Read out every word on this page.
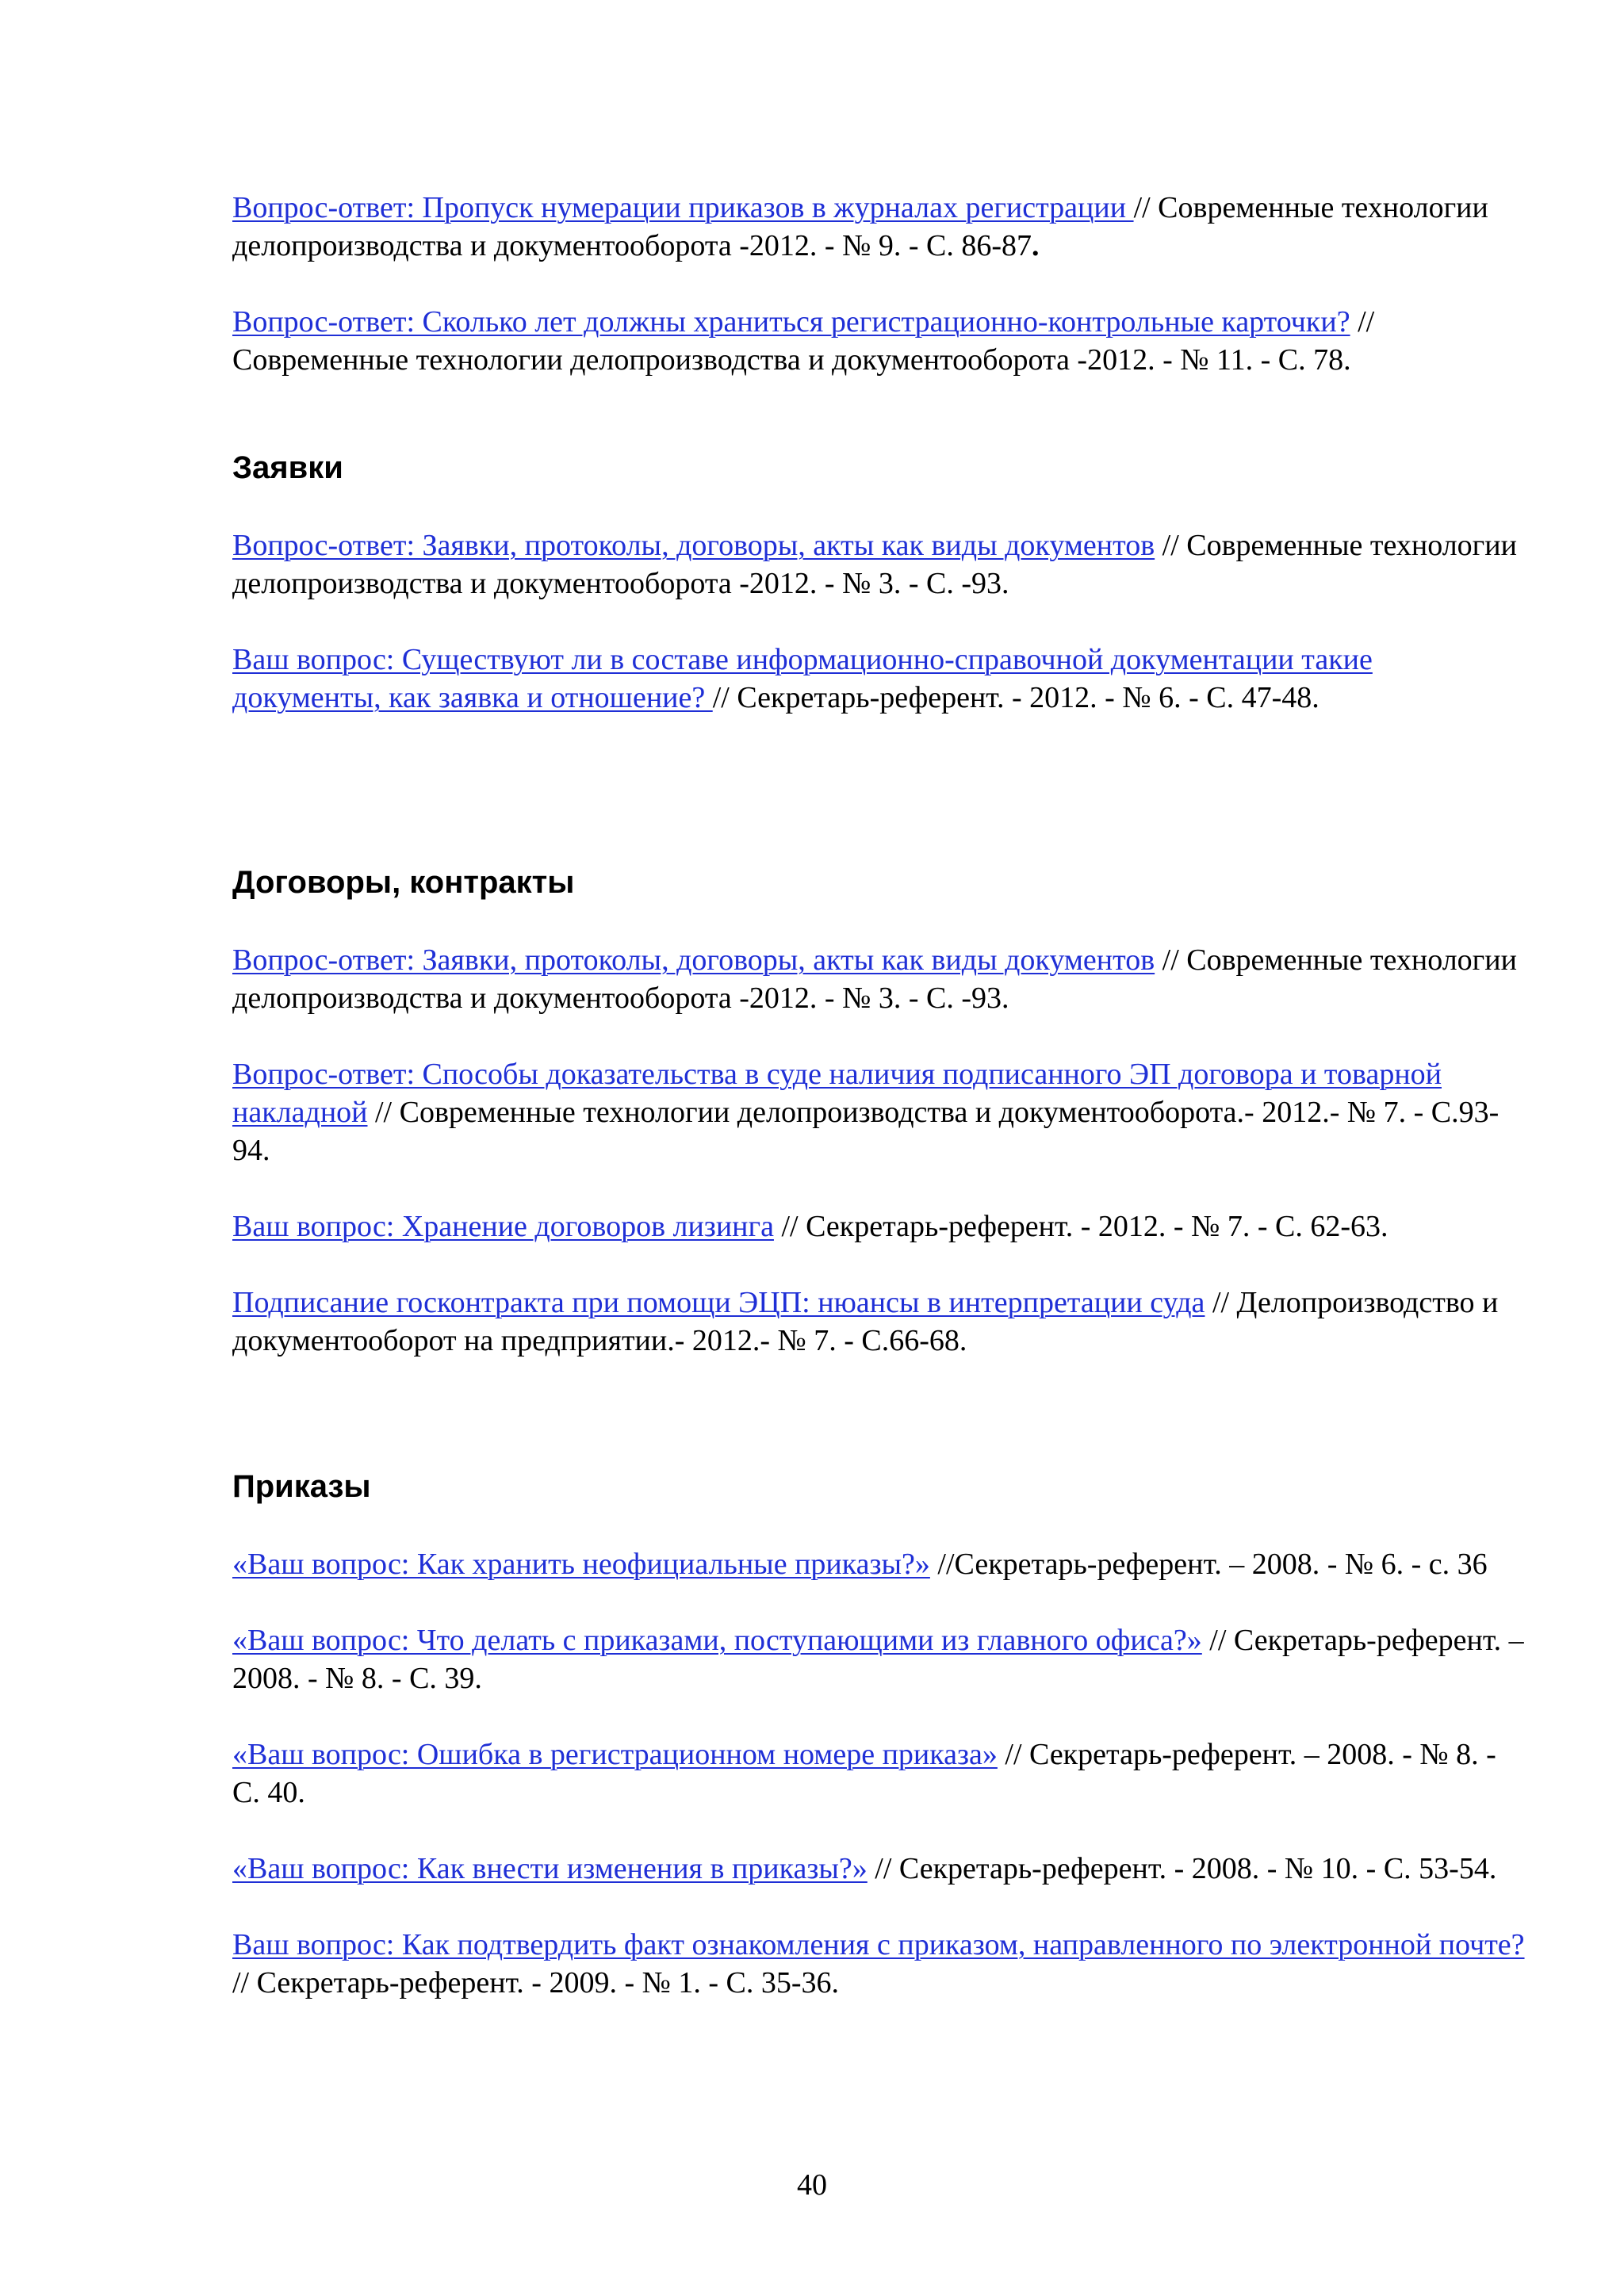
Вопрос-ответ: Пропуск нумерации приказов в журналах регистрации // Современные технологии делопроизводства и документооборота -2012. - № 9. - С. 86-87.

Вопрос-ответ: Сколько лет должны храниться регистрационно-контрольные карточки? // Современные технологии делопроизводства и документооборота -2012. - № 11. - С. 78.

Заявки

Вопрос-ответ: Заявки, протоколы, договоры, акты как виды документов // Современные технологии делопроизводства и документооборота -2012. - № 3. - С. -93.

Ваш вопрос: Существуют ли в составе информационно-справочной документации такие документы, как заявка и отношение? // Секретарь-референт. - 2012. - № 6. - С. 47-48.

Договоры, контракты

Вопрос-ответ: Заявки, протоколы, договоры, акты как виды документов // Современные технологии делопроизводства и документооборота -2012. - № 3. - С. -93.

Вопрос-ответ: Способы доказательства в суде наличия подписанного ЭП договора и товарной накладной // Современные технологии делопроизводства и документооборота.- 2012.- № 7. - С.93-94.

Ваш вопрос: Хранение договоров лизинга // Секретарь-референт. - 2012. - № 7. - С. 62-63.

Подписание госконтракта при помощи ЭЦП: нюансы в интерпретации суда // Делопроизводство и документооборот на предприятии.- 2012.- № 7. - С.66-68.

Приказы

«Ваш вопрос: Как хранить неофициальные приказы?» //Секретарь-референт. – 2008. - № 6. - с. 36

«Ваш вопрос: Что делать с приказами, поступающими из главного офиса?» // Секретарь-референт. – 2008. - № 8. - С. 39.

«Ваш вопрос: Ошибка в регистрационном номере приказа» // Секретарь-референт. – 2008. - № 8. - С. 40.

«Ваш вопрос: Как внести изменения в приказы?» // Секретарь-референт. - 2008. - № 10. - С. 53-54.

Ваш вопрос: Как подтвердить факт ознакомления с приказом, направленного по электронной почте? // Секретарь-референт. - 2009. - № 1. - С. 35-36.

40
